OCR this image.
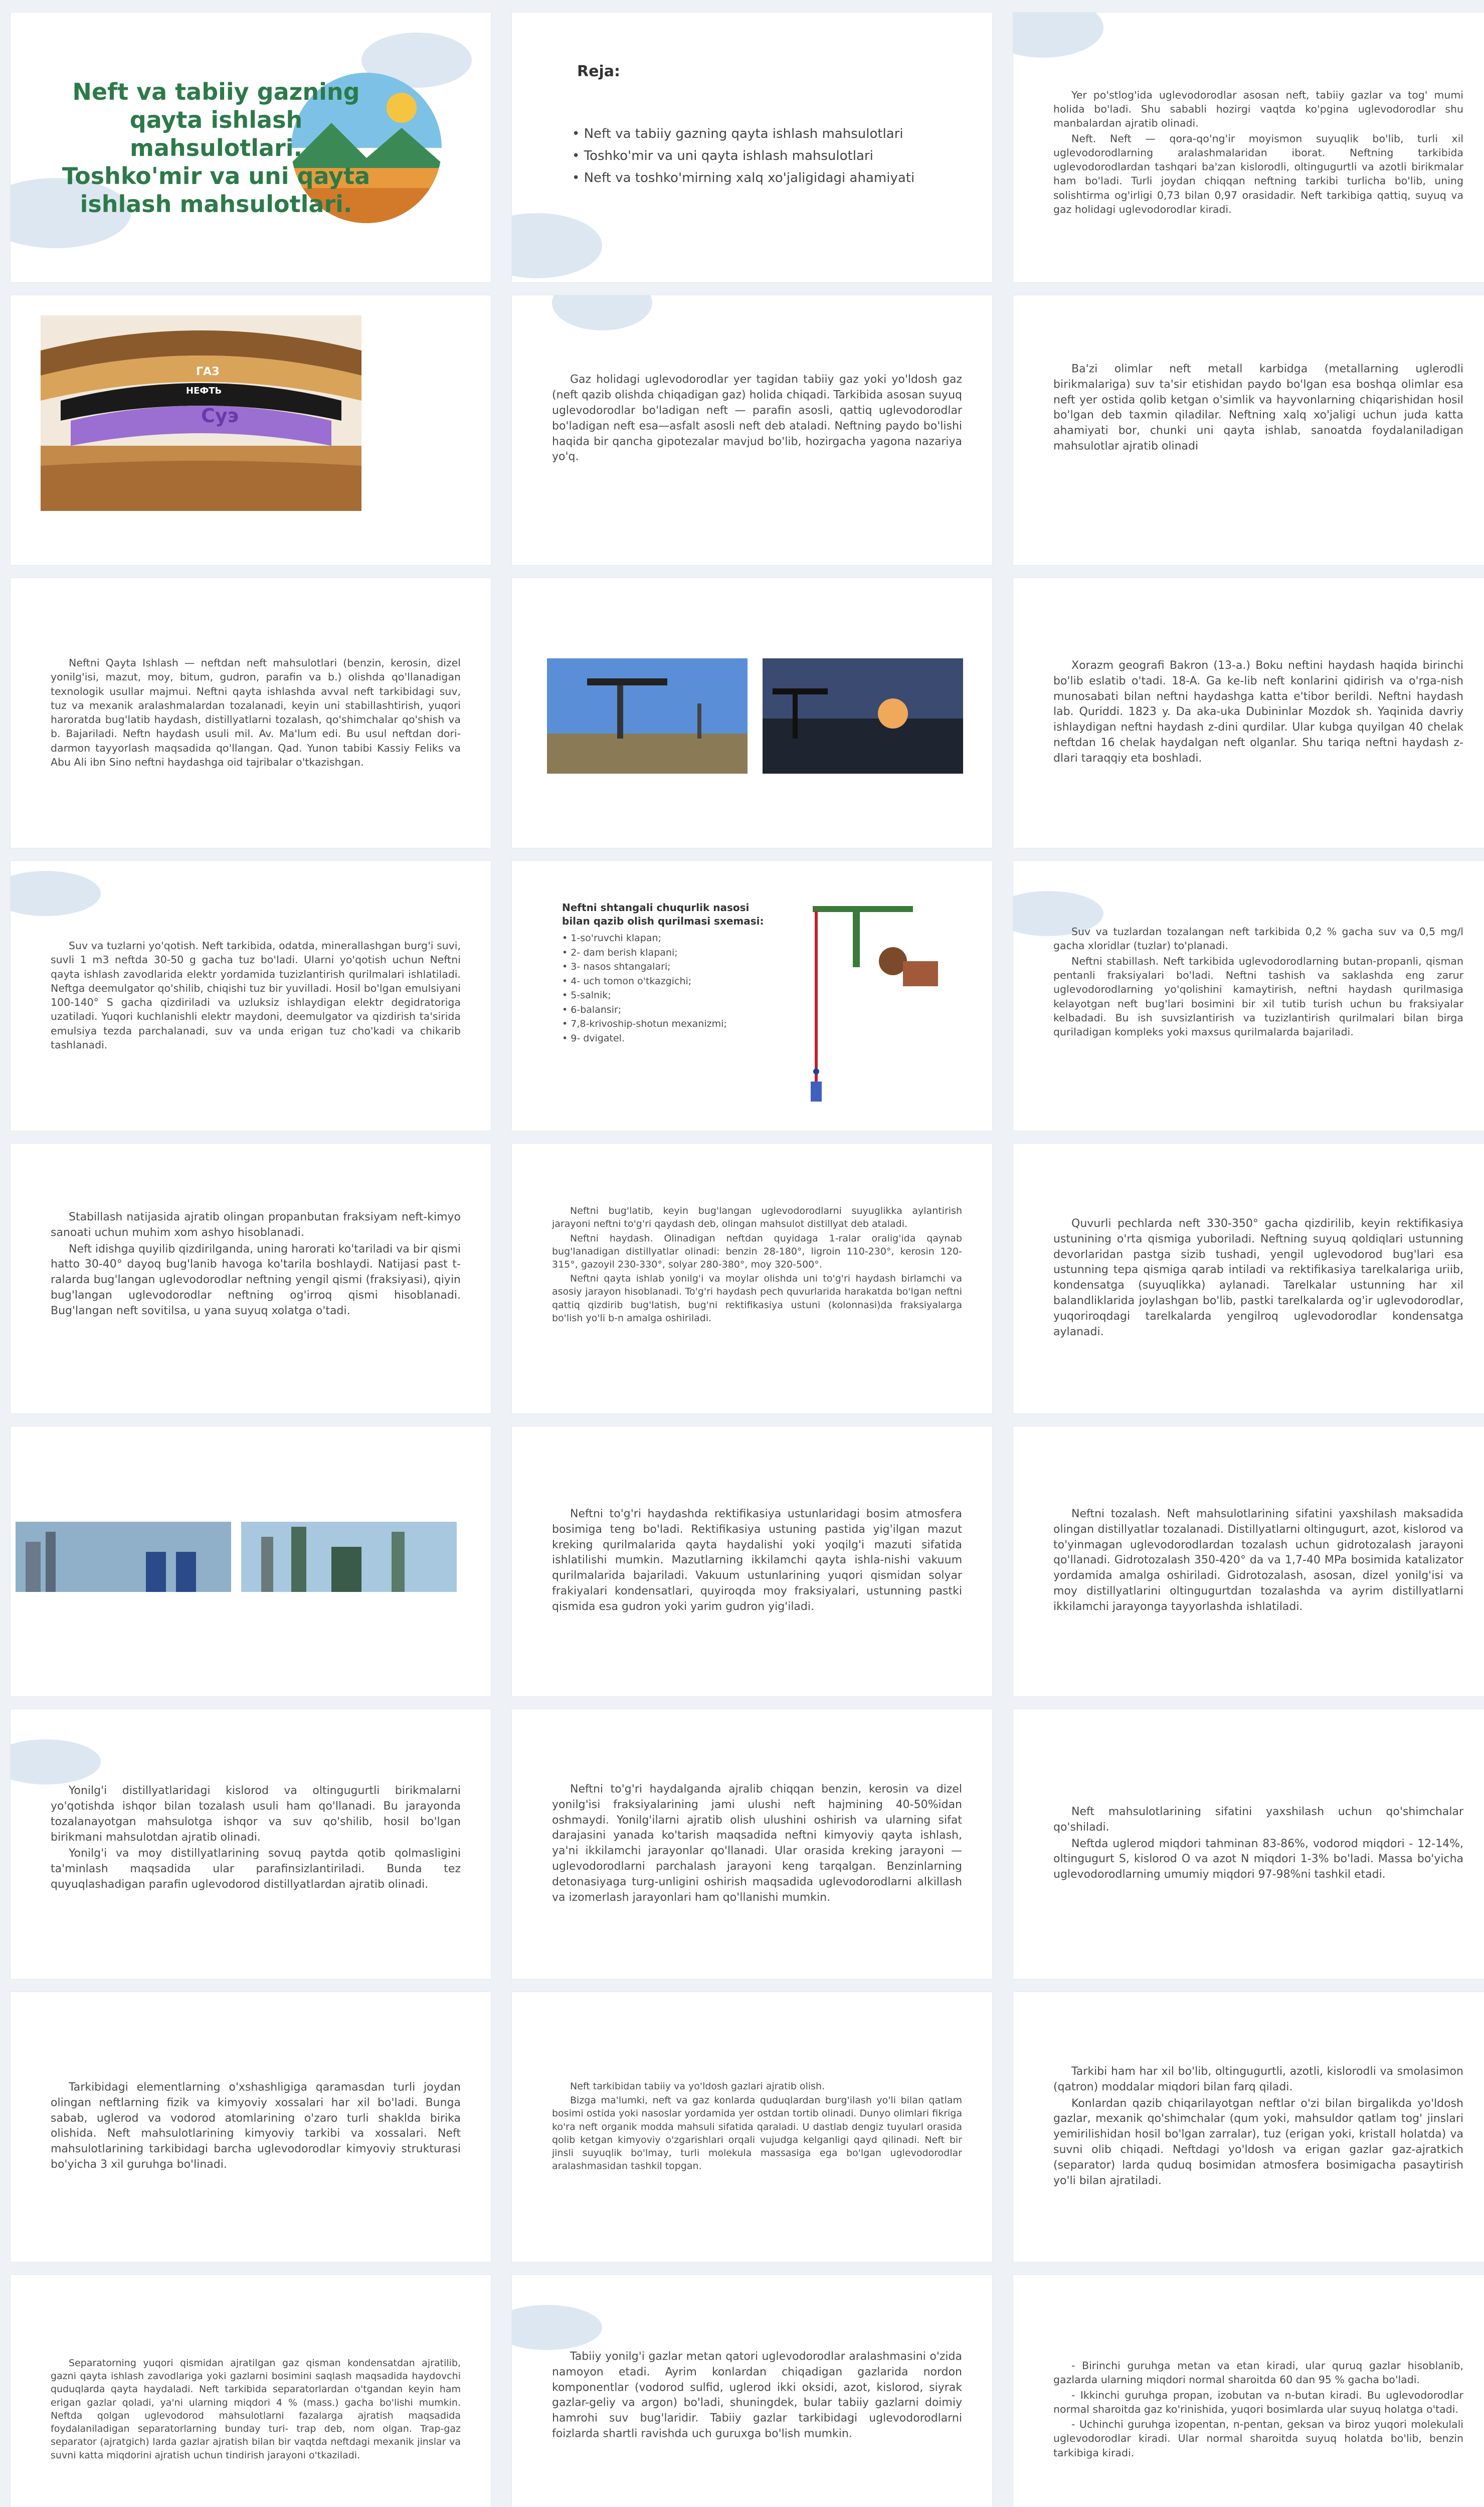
Neft va tabiiy gazning qayta ishlash mahsulotlari. Toshko'mir va uni qayta ishlash mahsulotlari.
Reja:
• Neft va tabiiy gazning qayta ishlash mahsulotlari
• Toshko'mir va uni qayta ishlash mahsulotlari
• Neft va toshko'mirning xalq xo'jaligidagi ahamiyati

Yer po'stlog'ida uglevodorodlar asosan neft, tabiiy gazlar va tog' mumi holida bo'ladi. Shu sababli hozirgi vaqtda ko'pgina uglevodorodlar shu manbalardan ajratib olinadi.

Neft. Neft — qora-qo'ng'ir moyismon suyuqlik bo'lib, turli xil uglevodorodlarning aralashmalaridan iborat. Neftning tarkibida uglevodorodlardan tashqari ba'zan kislorodli, oltingugurtli va azotli birikmalar ham bo'ladi. Turli joydan chiqqan neftning tarkibi turlicha bo'lib, uning solishtirma og'irligi 0,73 bilan 0,97 orasidadir. Neft tarkibiga qattiq, suyuq va gaz holidagi uglevodorodlar kiradi.

ГАЗ
НЕФТЬ
Суэ

Gaz holidagi uglevodorodlar yer tagidan tabiiy gaz yoki yo'ldosh gaz (neft qazib olishda chiqadigan gaz) holida chiqadi. Tarkibida asosan suyuq uglevodorodlar bo'ladigan neft — parafin asosli, qattiq uglevodorodlar bo'ladigan neft esa—asfalt asosli neft deb ataladi. Neftning paydo bo'lishi haqida bir qancha gipotezalar mavjud bo'lib, hozirgacha yagona nazariya yo'q.

Ba'zi olimlar neft metall karbidga (metallarning uglerodli birikmalariga) suv ta'sir etishidan paydo bo'lgan esa boshqa olimlar esa neft yer ostida qolib ketgan o'simlik va hayvonlarning chiqarishidan hosil bo'lgan deb taxmin qiladilar. Neftning xalq xo'jaligi uchun juda katta ahamiyati bor, chunki uni qayta ishlab, sanoatda foydalaniladigan mahsulotlar ajratib olinadi

Neftni Qayta Ishlash — neftdan neft mahsulotlari (benzin, kerosin, dizel yonilg'isi, mazut, moy, bitum, gudron, parafin va b.) olishda qo'llanadigan texnologik usullar majmui. Neftni qayta ishlashda avval neft tarkibidagi suv, tuz va mexanik aralashmalardan tozalanadi, keyin uni stabillashtirish, yuqori haroratda bug'latib haydash, distillyatlarni tozalash, qo'shimchalar qo'shish va b. Bajariladi. Neftn haydash usuli mil. Av. Ma'lum edi. Bu usul neftdan dori-darmon tayyorlash maqsadida qo'llangan. Qad. Yunon tabibi Kassiy Feliks va Abu Ali ibn Sino neftni haydashga oid tajribalar o'tkazishgan.

Xorazm geografi Bakron (13-a.) Boku neftini haydash haqida birinchi bo'lib eslatib o'tadi. 18-A. Ga ke-lib neft konlarini qidirish va o'rga-nish munosabati bilan neftni haydashga katta e'tibor berildi. Neftni haydash lab. Quriddi. 1823 y. Da aka-uka Dubininlar Mozdok sh. Yaqinida davriy ishlaydigan neftni haydash z-dini qurdilar. Ular kubga quyilgan 40 chelak neftdan 16 chelak haydalgan neft olganlar. Shu tariqa neftni haydash z-dlari taraqqiy eta boshladi.

Suv va tuzlarni yo'qotish. Neft tarkibida, odatda, minerallashgan burg'i suvi, suvli 1 m3 neftda 30-50 g gacha tuz bo'ladi. Ularni yo'qotish uchun Neftni qayta ishlash zavodlarida elektr yordamida tuzizlantirish qurilmalari ishlatiladi. Neftga deemulgator qo'shilib, chiqishi tuz bir yuvilladi. Hosil bo'lgan emulsiyani 100-140° S gacha qizdiriladi va uzluksiz ishlaydigan elektr degidratoriga uzatiladi. Yuqori kuchlanishli elektr maydoni, deemulgator va qizdirish ta'sirida emulsiya tezda parchalanadi, suv va unda erigan tuz cho'kadi va chikarib tashlanadi.

Neftni shtangali chuqurlik nasosi bilan qazib olish qurilmasi sxemasi:
• 1-so'ruvchi klapan;
• 2- dam berish klapani;
• 3- nasos shtangalari;
• 4- uch tomon o'tkazgichi;
• 5-salnik;
• 6-balansir;
• 7,8-krivoship-shotun mexanizmi;
• 9- dvigatel.

Suv va tuzlardan tozalangan neft tarkibida 0,2 % gacha suv va 0,5 mg/l gacha xloridlar (tuzlar) to'planadi.

Neftni stabillash. Neft tarkibida uglevodorodlarning butan-propanli, qisman pentanli fraksiyalari bo'ladi. Neftni tashish va saklashda eng zarur uglevodorodlarning yo'qolishini kamaytirish, neftni haydash qurilmasiga kelayotgan neft bug'lari bosimini bir xil tutib turish uchun bu fraksiyalar kelbadadi. Bu ish suvsizlantirish va tuzizlantirish qurilmalari bilan birga quriladigan kompleks yoki maxsus qurilmalarda bajariladi.

Stabillash natijasida ajratib olingan propanbutan fraksiyam neft-kimyo sanoati uchun muhim xom ashyo hisoblanadi.

Neft idishga quyilib qizdirilganda, uning harorati ko'tariladi va bir qismi hatto 30-40° dayoq bug'lanib havoga ko'tarila boshlaydi. Natijasi past t-ralarda bug'langan uglevodorodlar neftning yengil qismi (fraksiyasi), qiyin bug'langan uglevodorodlar neftning og'irroq qismi hisoblanadi. Bug'langan neft sovitilsa, u yana suyuq xolatga o'tadi.

Neftni bug'latib, keyin bug'langan uglevodorodlarni suyuglikka aylantirish jarayoni neftni to'g'ri qaydash deb, olingan mahsulot distillyat deb ataladi.

Neftni haydash. Olinadigan neftdan quyidagа 1-ralar oralig'ida qaynab bug'lanadigan distillyatlar olinadi: benzin 28-180°, ligroin 110-230°, kerosin 120-315°, gazoyil 230-330°, solyar 280-380°, moy 320-500°.

Neftni qayta ishlab yonilg'i va moylar olishda uni to'g'ri haydash birlamchi va asosiy jarayon hisoblanadi. To'g'ri haydash pech quvurlarida harakatda bo'lgan neftni qattiq qizdirib bug'latish, bug'ni rektifikasiya ustuni (kolonnasi)da fraksiyalarga bo'lish yo'li b-n amalga oshiriladi.

Quvurli pechlarda neft 330-350° gacha qizdirilib, keyin rektifikasiya ustunining o'rta qismiga yuboriladi. Neftning suyuq qoldiqlari ustunning devorlaridan pastga sizib tushadi, yengil uglevodorod bug'lari esa ustunning tepa qismiga qarab intiladi va rektifikasiya tarelkalariga uriib, kondensatga (suyuqlikka) aylanadi. Tarelkalar ustunning har xil balandliklarida joylashgan bo'lib, pastki tarelkalarda og'ir uglevodorodlar, yuqoriroqdagi tarelkalarda yengilroq uglevodorodlar kondensatga aylanadi.

Neftni to'g'ri haydashda rektifikasiya ustunlaridagi bosim atmosfera bosimiga teng bo'ladi. Rektifikasiya ustuning pastida yig'ilgan mazut kreking qurilmalarida qayta haydalishi yoki yoqilg'i mazuti sifatida ishlatilishi mumkin. Mazutlarning ikkilamchi qayta ishla-nishi vakuum qurilmalarida bajariladi. Vakuum ustunlarining yuqori qismidan solyar frakiyalari kondensatlari, quyiroqda moy fraksiyalari, ustunning pastki qismida esa gudron yoki yarim gudron yig'iladi.

Neftni tozalash. Neft mahsulotlarining sifatini yaxshilash maksadida olingan distillyatlar tozalanadi. Distillyatlarni oltingugurt, azot, kislorod va to'yinmagan uglevodorodlardan tozalash uchun gidrotozalash jarayoni qo'llanadi. Gidrotozalash 350-420° da va 1,7-40 MPa bosimida katalizator yordamida amalga oshiriladi. Gidrotozalash, asosan, dizel yonilg'isi va moy distillyatlarini oltingugurtdan tozalashda va ayrim distillyatlarni ikkilamchi jarayonga tayyorlashda ishlatiladi.

Yonilg'i distillyatlaridagi kislorod va oltingugurtli birikmalarni yo'qotishda ishqor bilan tozalash usuli ham qo'llanadi. Bu jarayonda tozalanayotgan mahsulotga ishqor va suv qo'shilib, hosil bo'lgan birikmani mahsulotdan ajratib olinadi.

Yonilg'i va moy distillyatlarining sovuq paytda qotib qolmasligini ta'minlash maqsadida ular parafinsizlantiriladi. Bunda tez quyuqlashadigan parafin uglevodorod distillyatlardan ajratib olinadi.

Neftni to'g'ri haydalganda ajralib chiqqan benzin, kerosin va dizel yonilg'isi fraksiyalarining jami ulushi neft hajmining 40-50%idan oshmaydi. Yonilg'ilarni ajratib olish ulushini oshirish va ularning sifat darajasini yanada ko'tarish maqsadida neftni kimyoviy qayta ishlash, ya'ni ikkilamchi jarayonlar qo'llanadi. Ular orasida kreking jarayoni — uglevodorodlarni parchalash jarayoni keng tarqalgan. Benzinlarning detonasiyaga turg-unligini oshirish maqsadida uglevodorodlarni alkillash va izomerlash jarayonlari ham qo'llanishi mumkin.

Neft mahsulotlarining sifatini yaxshilash uchun qo'shimchalar qo'shiladi.

Neftda uglerod miqdori tahminan 83-86%, vodorod miqdori - 12-14%, oltingugurt S, kislorod O va azot N miqdori 1-3% bo'ladi. Massa bo'yicha uglevodorodlarning umumiy miqdori 97-98%ni tashkil etadi.

Tarkibidagi elementlarning o'xshashligiga qaramasdan turli joydan olingan neftlarning fizik va kimyoviy xossalari har xil bo'ladi. Bunga sabab, uglerod va vodorod atomlarining o'zaro turli shaklda birika olishida. Neft mahsulotlarining kimyoviy tarkibi va xossalari. Neft mahsulotlarining tarkibidagi barcha uglevodorodlar kimyoviy strukturasi bo'yicha 3 xil guruhga bo'linadi.

Neft tarkibidan tabiiy va yo'ldosh gazlari ajratib olish.

Bizga ma'lumki, neft va gaz konlarda quduqlardan burg'ilash yo'li bilan qatlam bosimi ostida yoki nasoslar yordamida yer ostdan tortib olinadi. Dunyo olimlari fikriga ko'ra neft organik modda mahsuli sifatida qaraladi. U dastlab dengiz tuyularl orasida qolib ketgan kimyoviy o'zgarishlari orqali vujudga kelganligi qayd qilinadi. Neft bir jinsli suyuqlik bo'lmay, turli molekula massasiga ega bo'lgan uglevodorodlar aralashmasidan tashkil topgan.

Tarkibi ham har xil bo'lib, oltingugurtli, azotli, kislorodli va smolasimon (qatron) moddalar miqdori bilan farq qiladi.

Konlardan qazib chiqarilayotgan neftlar o'zi bilan birgalikda yo'ldosh gazlar, mexanik qo'shimchalar (qum yoki, mahsuldor qatlam tog' jinslari yemirilishidan hosil bo'lgan zarralar), tuz (erigan yoki, kristall holatda) va suvni olib chiqadi. Neftdagi yo'ldosh va erigan gazlar gaz-ajratkich (separator) larda quduq bosimidan atmosfera bosimigacha pasaytirish yo'li bilan ajratiladi.

Separatorning yuqori qismidan ajratilgan gaz qisman kondensatdan ajratilib, gazni qayta ishlash zavodlariga yoki gazlarni bosimini saqlash maqsadida haydovchi quduqlarda qayta haydaladi. Neft tarkibida separatorlardan o'tgandan keyin ham erigan gazlar qoladi, ya'ni ularning miqdori 4 % (mass.) gacha bo'lishi mumkin. Neftda qolgan uglevodorod mahsulotlarni fazalarga ajratish maqsadida foydalaniladigan separatorlarning bunday turi- trap deb, nom olgan. Trap-gaz separator (ajratgich) larda gazlar ajratish bilan bir vaqtda neftdagi mexanik jinslar va suvni katta miqdorini ajratish uchun tindirish jarayoni o'tkaziladi.

Tabiiy yonilg'i gazlar metan qatori uglevodorodlar aralashmasini o'zida namoyon etadi. Ayrim konlardan chiqadigan gazlarida nordon komponentlar (vodorod sulfid, uglerod ikki oksidi, azot, kislorod, siyrak gazlar-geliy va argon) bo'ladi, shuningdek, bular tabiiy gazlarni doimiy hamrohi suv bug'laridir. Tabiiy gazlar tarkibidagi uglevodorodlarni foizlarda shartli ravishda uch guruxga bo'lish mumkin.

- Birinchi guruhga metan va etan kiradi, ular quruq gazlar hisoblanib, gazlarda ularning miqdori normal sharoitda 60 dan 95 % gacha bo'ladi.

- Ikkinchi guruhga propan, izobutan va n-butan kiradi. Bu uglevodorodlar normal sharoitda gaz ko'rinishida, yuqori bosimlarda ular suyuq holatga o'tadi.

- Uchinchi guruhga izopentan, n-pentan, geksan va biroz yuqori molekulali uglevodorodlar kiradi. Ular normal sharoitda suyuq holatda bo'lib, benzin tarkibiga kiradi.
